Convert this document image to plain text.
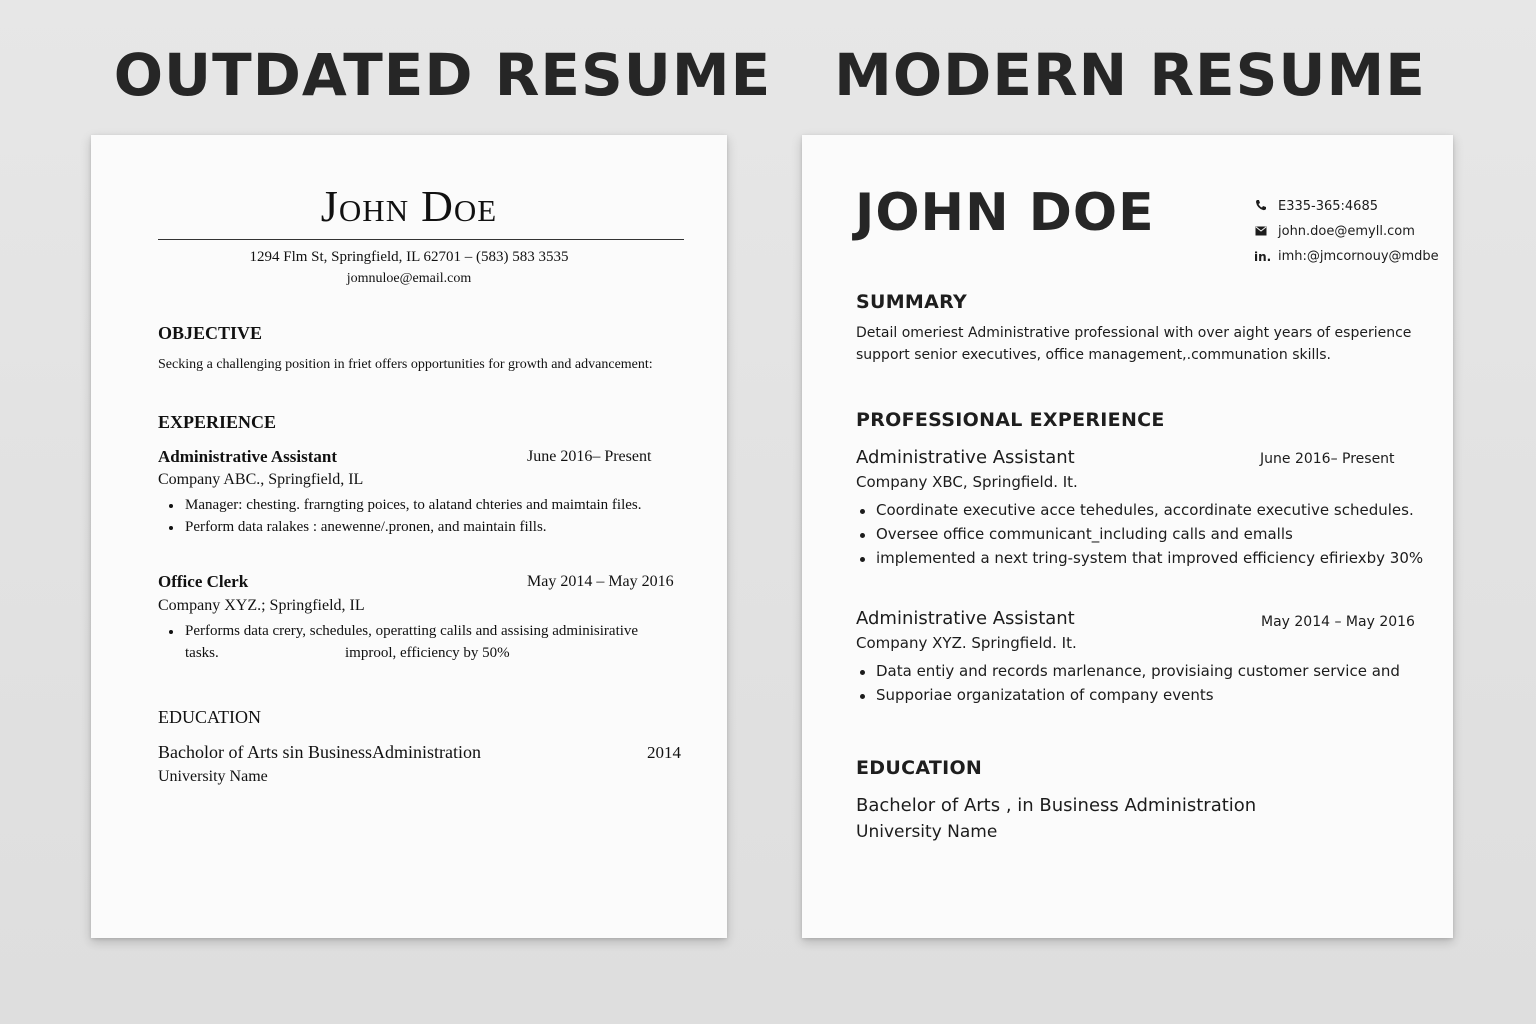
OUTDATED RESUME	MODERN RESUME
John Doe
1294 Flm St, Springfield, IL 62701 – (583) 583 3535
jomnuloe@email.com
OBJECTIVE
Secking a challenging position in friet offers opportunities for growth and advancement:
EXPERIENCE
Administrative Assistant	June 2016– Present
Company ABC., Springfield, IL
Manager: chesting. frarngting poices, to alatand chteries and maimtain files.
Perform data ralakes : anewenne/.pronen, and maintain fills.
Office Clerk	May 2014 – May 2016
Company XYZ.; Springfield, IL
Performs data crery, schedules, operatting calils and assising adminisirative
tasks.	improol, efficiency by 50%
EDUCATION
Bacholor of Arts sin BusinessAdministration	2014
University Name
JOHN DOE	E335-365:4685
john.doe@emyll.com
in. imh:@jmcornouy@mdbe
SUMMARY
Detail omeriest Administrative professional with over aight years of esperience
support senior executives, office management,.communation skills.
PROFESSIONAL EXPERIENCE
Administrative Assistant	June 2016– Present
Company XBC, Springfield. It.
Coordinate executive acce tehedules, accordinate executive schedules.
Oversee office communicant_including calls and emalls
implemented a next tring-system that improved efficiency efiriexby 30%
Administrative Assistant	May 2014 – May 2016
Company XYZ. Springfield. It.
Data entiy and records marlenance, provisiaing customer service and
Supporiae organizatation of company events
EDUCATION
Bachelor of Arts , in Business Administration
University Name
